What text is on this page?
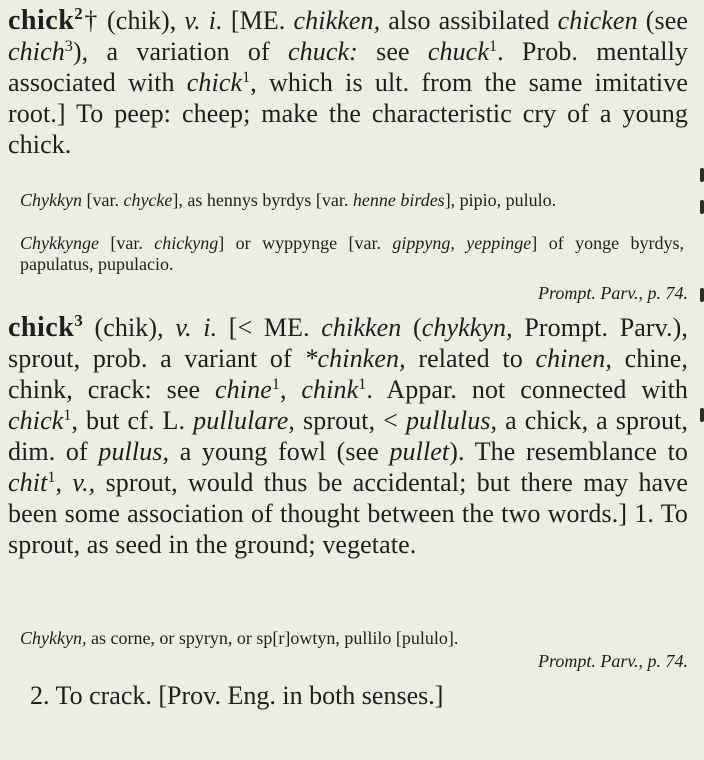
chick$^2$† (chik), v. i. [ME. chikken, also assibilated chicken (see chich$^3$), a variation of chuck: see chuck$^1$. Prob. mentally associated with chick$^1$, which is ult. from the same imitative root.] To peep: cheep; make the characteristic cry of a young chick.
Chykkyn [var. chycke], as hennys byrdys [var. henne birdes], pipio, pululo.
Chykkynge [var. chickyng] or wyppynge [var. gippyng, yeppinge] of yonge byrdys, papulatus, pupulacio.
Prompt. Parv., p. 74.
chick$^3$ (chik), v. i. [< ME. chikken (chykkyn, Prompt. Parv.), sprout, prob. a variant of *chinken, related to chinen, chine, chink, crack: see chine$^1$, chink$^1$. Appar. not connected with chick$^1$, but cf. L. pullulare, sprout, < pullulus, a chick, a sprout, dim. of pullus, a young fowl (see pullet). The resemblance to chit$^1$, v., sprout, would thus be accidental; but there may have been some association of thought between the two words.] 1. To sprout, as seed in the ground; vegetate.
Chykkyn, as corne, or spyryn, or sp[r]owtyn, pullilo [pululo].
Prompt. Parv., p. 74.
2. To crack. [Prov. Eng. in both senses.]
